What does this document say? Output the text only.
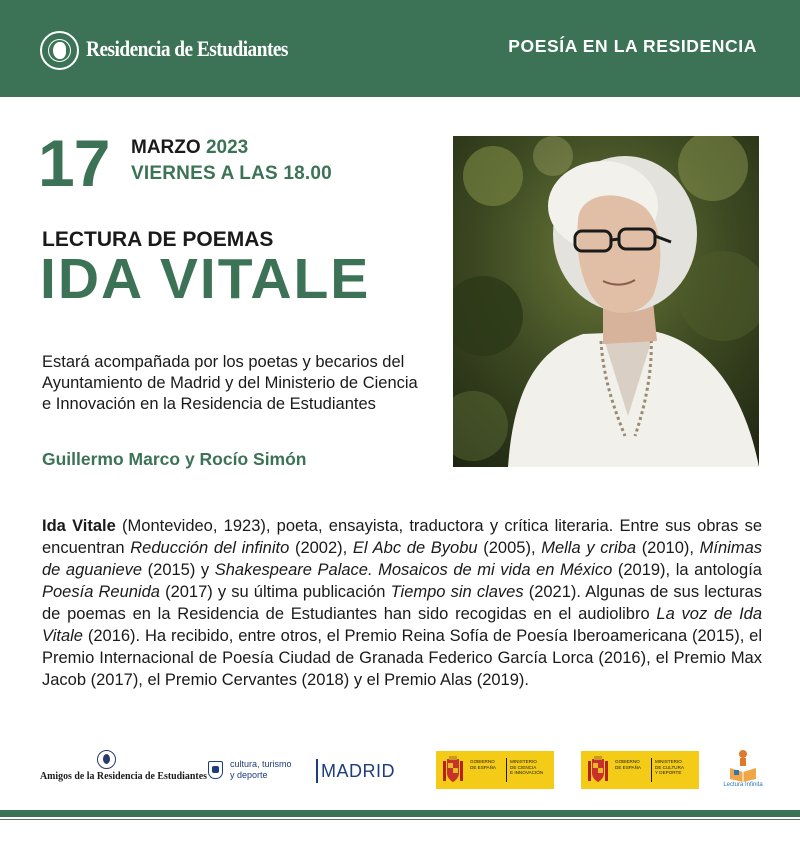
Residencia de Estudiantes	POESÍA EN LA RESIDENCIA
17 MARZO 2023
VIERNES A LAS 18.00
LECTURA DE POEMAS
IDA VITALE
Estará acompañada por los poetas y becarios del Ayuntamiento de Madrid y del Ministerio de Ciencia e Innovación en la Residencia de Estudiantes
Guillermo Marco y Rocío Simón
Ida Vitale (Montevideo, 1923), poeta, ensayista, traductora y crítica literaria. Entre sus obras se encuentran Reducción del infinito (2002), El Abc de Byobu (2005), Mella y criba (2010), Mínimas de aguanieve (2015) y Shakespeare Palace. Mosaicos de mi vida en México (2019), la antología Poesía Reunida (2017) y su última publicación Tiempo sin claves (2021). Algunas de sus lecturas de poemas en la Residencia de Estudiantes han sido recogidas en el audiolibro La voz de Ida Vitale (2016). Ha recibido, entre otros, el Premio Reina Sofía de Poesía Iberoamericana (2015), el Premio Internacional de Poesía Ciudad de Granada Federico García Lorca (2016), el Premio Max Jacob (2017), el Premio Cervantes (2018) y el Premio Alas (2019).
Amigos de la Residencia de Estudiantes
cultura, turismo
y deporte	MADRID	GOBIERNO
DE ESPAÑA
MINISTERIO
DE CIENCIA
E INNOVACIÓN
GOBIERNO
DE ESPAÑA
MINISTERIO
DE CULTURA
Y DEPORTE
Lectura Infinita
